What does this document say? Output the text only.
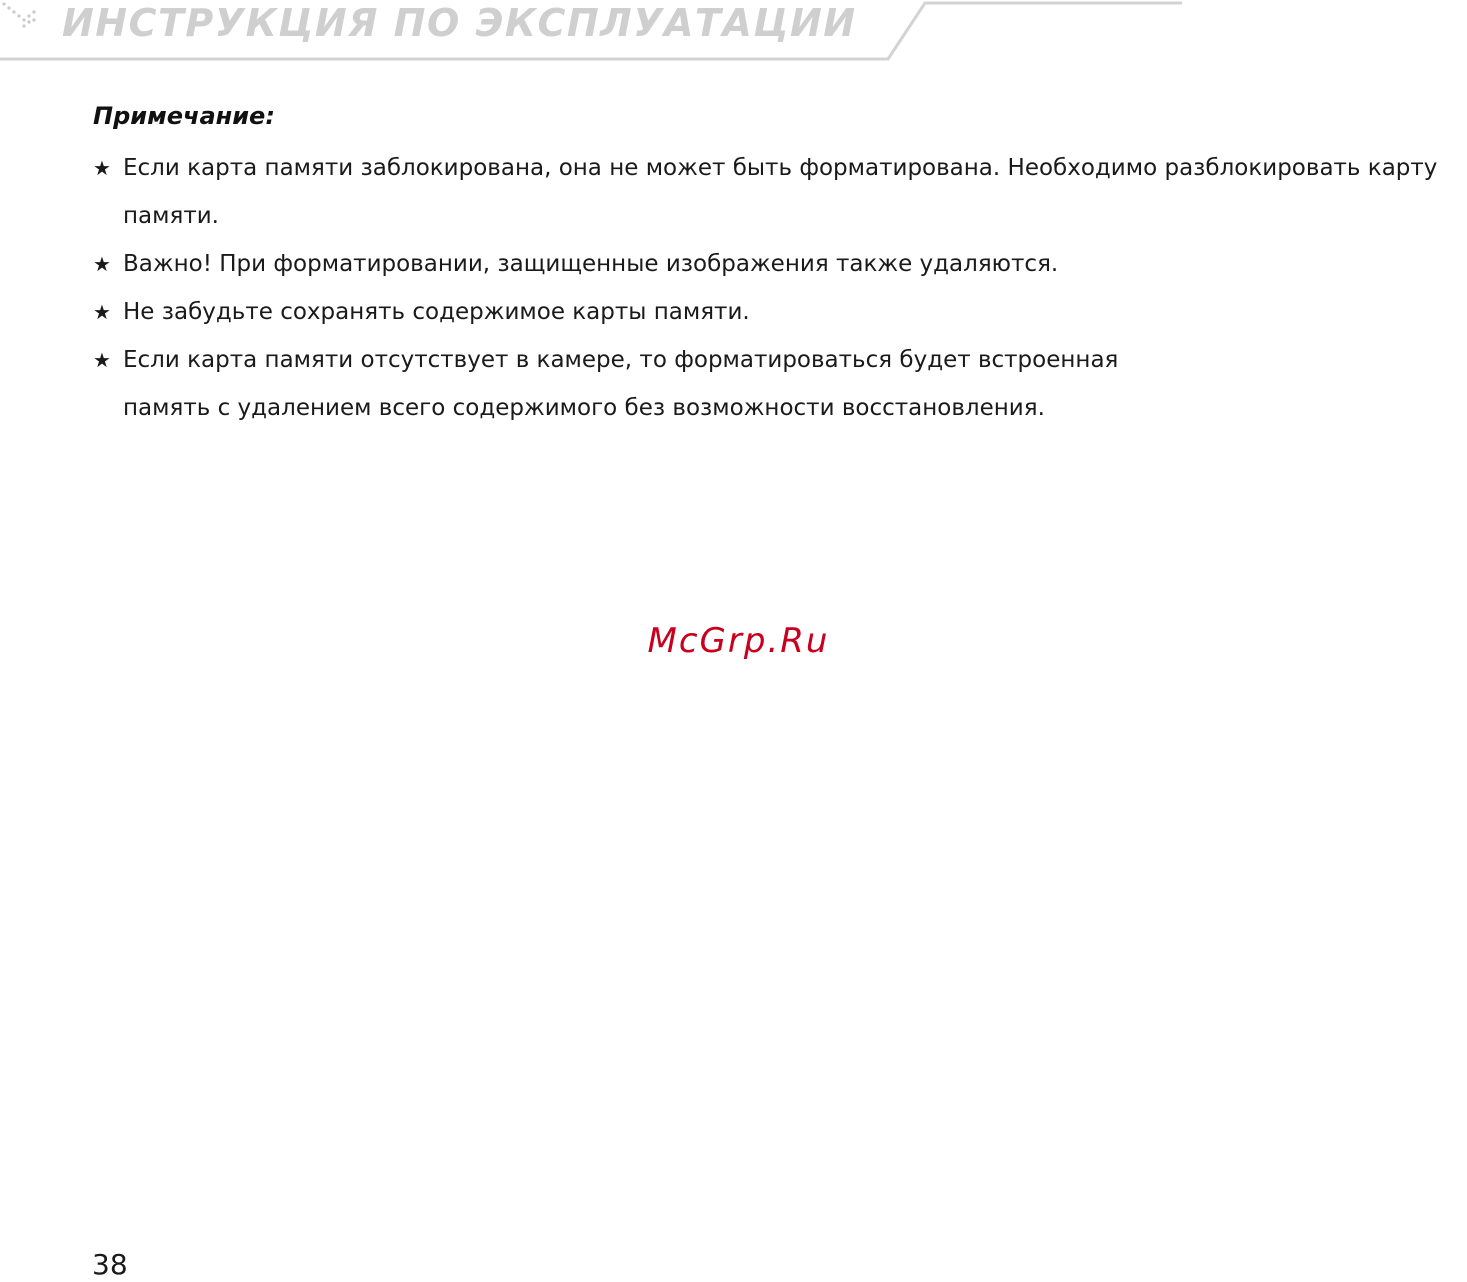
ИНСТРУКЦИЯ ПО ЭКСПЛУАТАЦИИ
Примечание:
★ Если карта памяти заблокирована, она не может быть форматирована. Необходимо разблокировать карту памяти.
★ Важно! При форматировании, защищенные изображения также удаляются.
★ Не забудьте сохранять содержимое карты памяти.
★ Если карта памяти отсутствует в камере, то форматироваться будет встроенная память с удалением всего содержимого без возможности восстановления.
McGrp.Ru
38
